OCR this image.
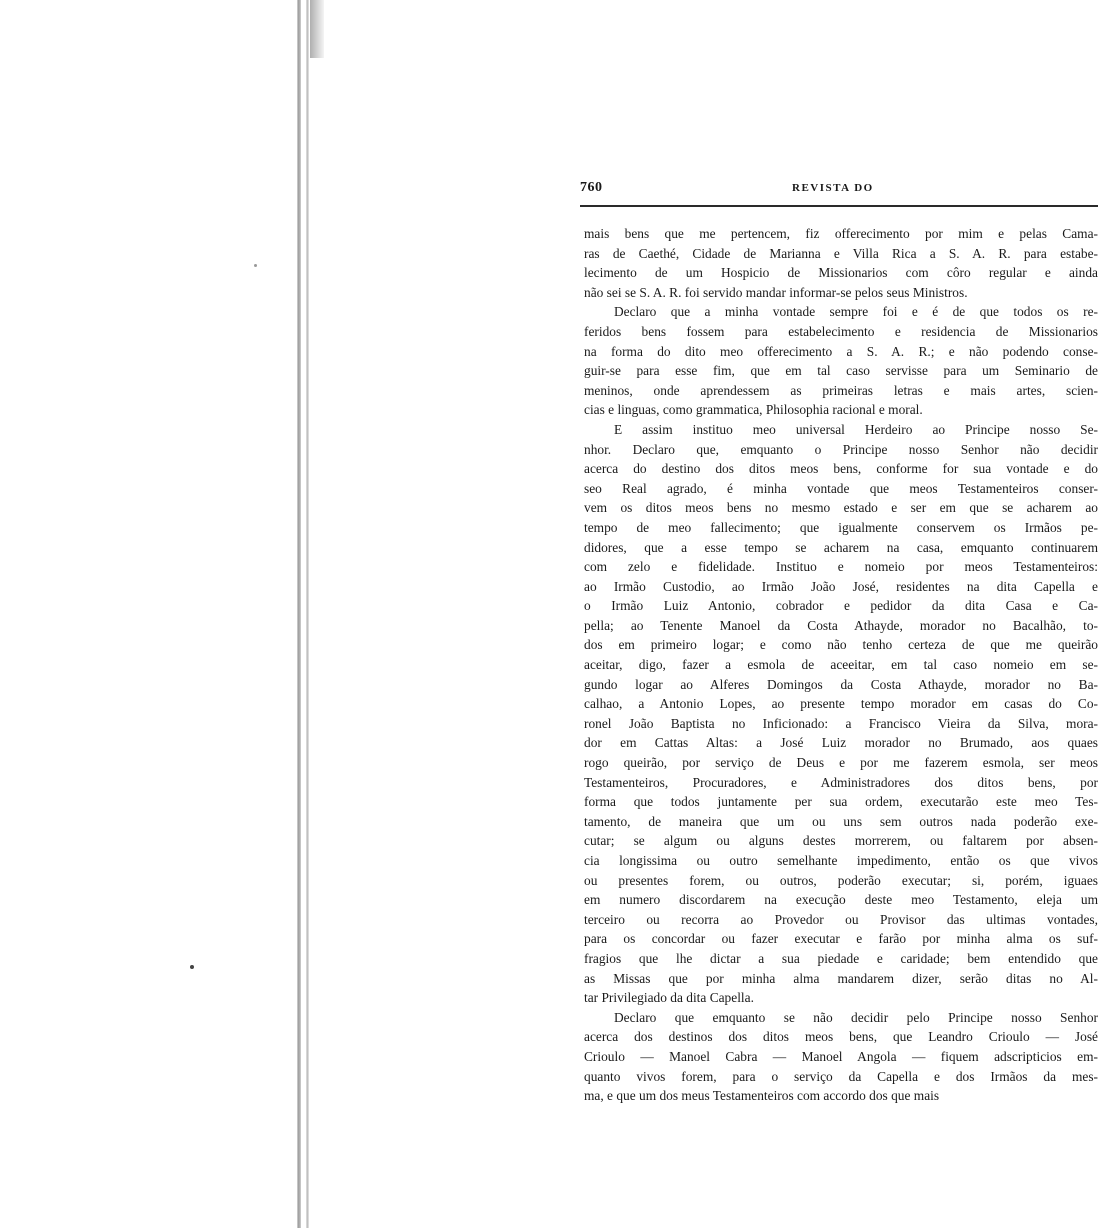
760	REVISTA DO

mais bens que me pertencem, fiz offerecimento por mim e pelas Cama-
ras de Caethé, Cidade de Marianna e Villa Rica a S. A. R. para estabe-
lecimento de um Hospicio de Missionarios com côro regular e ainda
não sei se S. A. R. foi servido mandar informar-se pelos seus Ministros.

Declaro que a minha vontade sempre foi e é de que todos os re-
feridos bens fossem para estabelecimento e residencia de Missionarios
na forma do dito meo offerecimento a S. A. R.; e não podendo conse-
guir-se para esse fim, que em tal caso servisse para um Seminario de
meninos, onde aprendessem as primeiras letras e mais artes, scien-
cias e linguas, como grammatica, Philosophia racional e moral.

E assim instituo meo universal Herdeiro ao Principe nosso Se-
nhor. Declaro que, emquanto o Principe nosso Senhor não decidir
acerca do destino dos ditos meos bens, conforme for sua vontade e do
seo Real agrado, é minha vontade que meos Testamenteiros conser-
vem os ditos meos bens no mesmo estado e ser em que se acharem ao
tempo de meo fallecimento; que igualmente conservem os Irmãos pe-
didores, que a esse tempo se acharem na casa, emquanto continuarem
com zelo e fidelidade. Instituo e nomeio por meos Testamenteiros:
ao Irmão Custodio, ao Irmão João José, residentes na dita Capella e
o Irmão Luiz Antonio, cobrador e pedidor da dita Casa e Ca-
pella; ao Tenente Manoel da Costa Athayde, morador no Bacalhão, to-
dos em primeiro logar; e como não tenho certeza de que me queirão
aceitar, digo, fazer a esmola de aceeitar, em tal caso nomeio em se-
gundo logar ao Alferes Domingos da Costa Athayde, morador no Ba-
calhao, a Antonio Lopes, ao presente tempo morador em casas do Co-
ronel João Baptista no Inficionado: a Francisco Vieira da Silva, mora-
dor em Cattas Altas: a José Luiz morador no Brumado, aos quaes
rogo queirão, por serviço de Deus e por me fazerem esmola, ser meos
Testamenteiros, Procuradores, e Administradores dos ditos bens, por
forma que todos juntamente per sua ordem, executarão este meo Tes-
tamento, de maneira que um ou uns sem outros nada poderão exe-
cutar; se algum ou alguns destes morrerem, ou faltarem por absen-
cia longissima ou outro semelhante impedimento, então os que vivos
ou presentes forem, ou outros, poderão executar; si, porém, iguaes
em numero discordarem na execução deste meo Testamento, eleja um
terceiro ou recorra ao Provedor ou Provisor das ultimas vontades,
para os concordar ou fazer executar e farão por minha alma os suf-
fragios que lhe dictar a sua piedade e caridade; bem entendido que
as Missas que por minha alma mandarem dizer, serão ditas no Al-
tar Privilegiado da dita Capella.

Declaro que emquanto se não decidir pelo Principe nosso Senhor
acerca dos destinos dos ditos meos bens, que Leandro Crioulo — José
Crioulo — Manoel Cabra — Manoel Angola — fiquem adscripticios em-
quanto vivos forem, para o serviço da Capella e dos Irmãos da mes-
ma, e que um dos meus Testamenteiros com accordo dos que mais
